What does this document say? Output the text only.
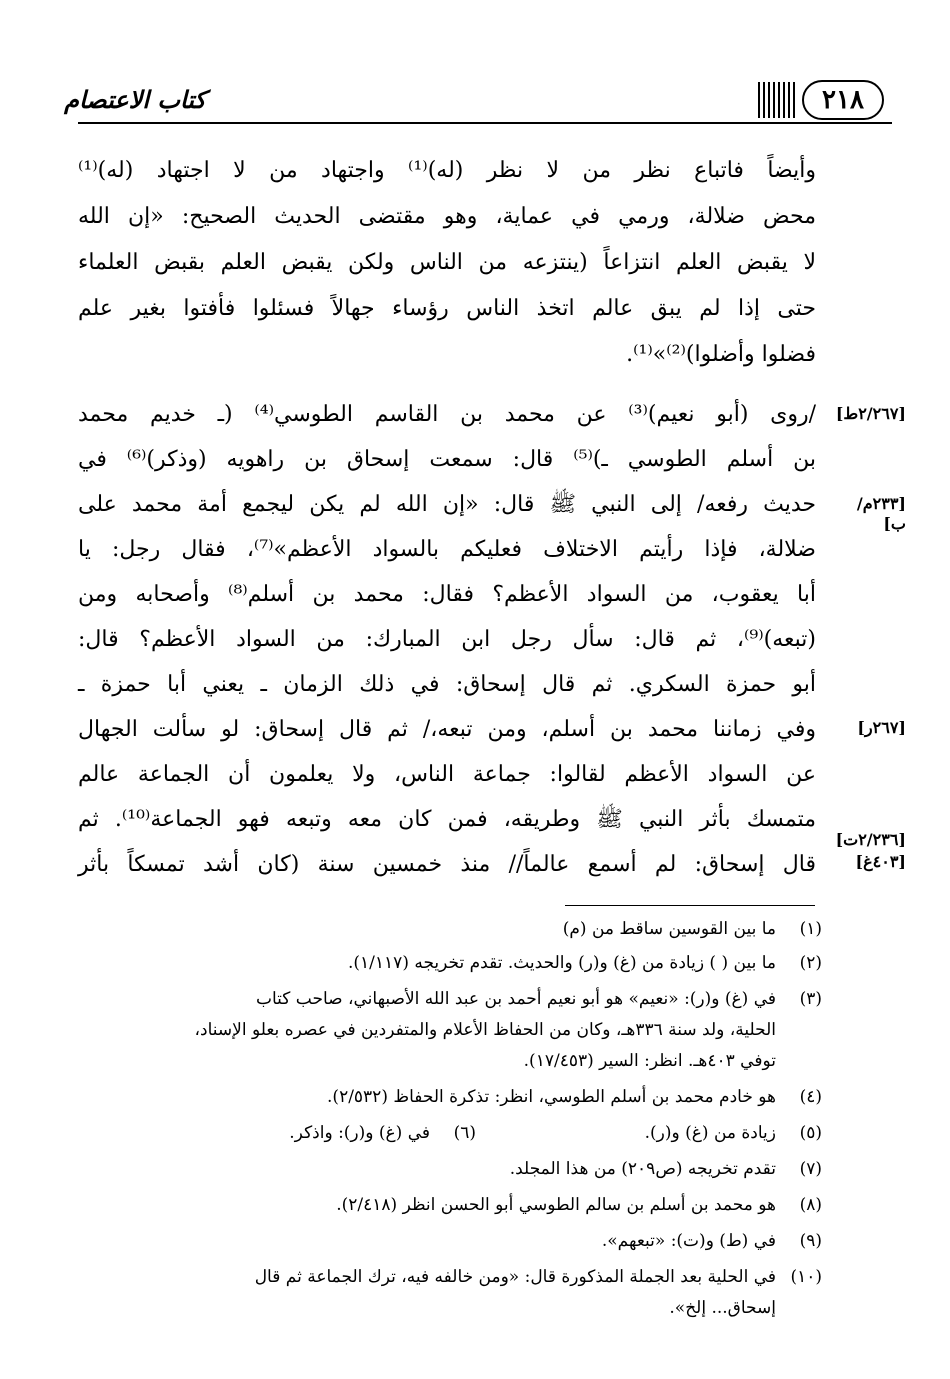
٢١٨
كتاب الاعتصام
وأيضاً فاتباع نظر من لا نظر (له)⁽¹⁾ واجتهاد من لا اجتهاد (له)⁽¹⁾
محض ضلالة، ورمي في عماية، وهو مقتضى الحديث الصحيح: «إن الله
لا يقبض العلم انتزاعاً (ينتزعه من الناس ولكن يقبض العلم بقبض العلماء
حتى إذا لم يبق عالم اتخذ الناس رؤساء جهالاً فسئلوا فأفتوا بغير علم
فضلوا وأضلوا)⁽²⁾»⁽¹⁾.
/روى (أبو نعيم)⁽³⁾ عن محمد بن القاسم الطوسي⁽⁴⁾ (ـ خديم محمد
بن أسلم الطوسي ـ)⁽⁵⁾ قال: سمعت إسحاق بن راهويه (وذكر)⁽⁶⁾ في
حديث رفعه/ إلى النبي ﷺ قال: «إن الله لم يكن ليجمع أمة محمد على
ضلالة، فإذا رأيتم الاختلاف فعليكم بالسواد الأعظم»⁽⁷⁾، فقال رجل: يا
أبا يعقوب، من السواد الأعظم؟ فقال: محمد بن أسلم⁽⁸⁾ وأصحابه ومن
(تبعه)⁽⁹⁾، ثم قال: سأل رجل ابن المبارك: من السواد الأعظم؟ قال:
أبو حمزة السكري. ثم قال إسحاق: في ذلك الزمان ـ يعني أبا حمزة ـ
وفي زماننا محمد بن أسلم، ومن تبعه،/ ثم قال إسحاق: لو سألت الجهال
عن السواد الأعظم لقالوا: جماعة الناس، ولا يعلمون أن الجماعة عالم
متمسك بأثر النبي ﷺ وطريقه، فمن كان معه وتبعه فهو الجماعة⁽¹⁰⁾. ثم
قال إسحاق: لم أسمع عالماً// منذ خمسين سنة (كان أشد تمسكاً بأثر
[٢/٢٦٧ط]
[٢٣٣م/ب]
[٢٦٧ر]
[٢/٢٣٦ت]
[٤٠٣غ]
(١)ما بين القوسين ساقط من (م)
(٢)ما بين ( ) زيادة من (غ) و(ر) والحديث. تقدم تخريجه (١/١١٧).
(٣)في (غ) و(ر): «نعيم» هو أبو نعيم أحمد بن عبد الله الأصبهاني، صاحب كتاب
الحلية، ولد سنة ٣٣٦هـ، وكان من الحفاظ الأعلام والمتفردين في عصره بعلو الإسناد،
توفي ٤٠٣هـ. انظر: السير (١٧/٤٥٣).
(٤)هو خادم محمد بن أسلم الطوسي، انظر: تذكرة الحفاظ (٢/٥٣٢).
(٥)زيادة من (غ) و(ر).(٦)في (غ) و(ر): واذكر.
(٧)تقدم تخريجه (ص٢٠٩) من هذا المجلد.
(٨)هو محمد بن أسلم بن سالم الطوسي أبو الحسن انظر (٢/٤١٨).
(٩)في (ط) و(ت): «تبعهم».
(١٠)في الحلية بعد الجملة المذكورة قال: «ومن خالفه فيه، ترك الجماعة ثم قال
إسحاق... إلخ».
